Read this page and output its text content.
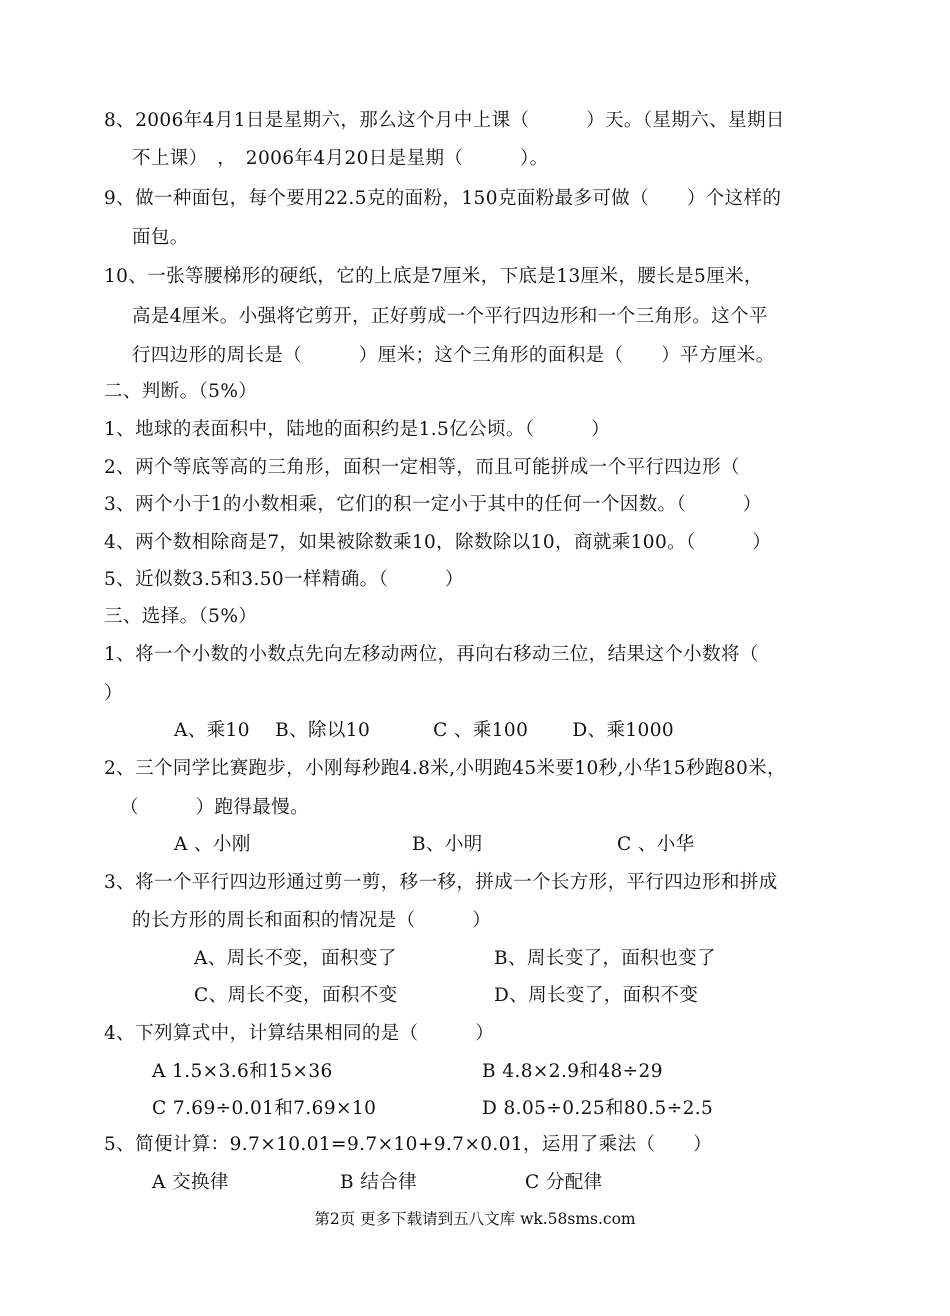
8、2006年4月1日是星期六，那么这个月中上课（　　　）天。（星期六、星期日
不上课）　，　2006年4月20日是星期（　　　）。
9、做一种面包，每个要用22.5克的面粉，150克面粉最多可做（　　）个这样的
面包。
10、一张等腰梯形的硬纸，它的上底是7厘米，下底是13厘米，腰长是5厘米，
高是4厘米。小强将它剪开，正好剪成一个平行四边形和一个三角形。这个平
行四边形的周长是（　　　）厘米；这个三角形的面积是（　　）平方厘米。
二、判断。（5%）
1、地球的表面积中，陆地的面积约是1.5亿公顷。（　　　）
2、两个等底等高的三角形，面积一定相等，而且可能拼成一个平行四边形（
3、两个小于1的小数相乘，它们的积一定小于其中的任何一个因数。（　　　）
4、两个数相除商是7，如果被除数乘10，除数除以10，商就乘100。（　　　）
5、近似数3.5和3.50一样精确。（　　　）
三、选择。（5%）
1、将一个小数的小数点先向左移动两位，再向右移动三位，结果这个小数将（
）
A、乘10　 B、除以10　　　 C 、乘100　　 D、乘1000
2、三个同学比赛跑步，小刚每秒跑4.8米,小明跑45米要10秒,小华15秒跑80米，
（　　　）跑得最慢。
A 、小刚	B、小明	C 、小华
3、将一个平行四边形通过剪一剪，移一移，拼成一个长方形，平行四边形和拼成
的长方形的周长和面积的情况是（　　　）
A、周长不变，面积变了	B、周长变了，面积也变了
C、周长不变，面积不变	D、周长变了，面积不变
4、下列算式中，计算结果相同的是（　　　）
A 1.5×3.6和15×36	B 4.8×2.9和48÷29
C 7.69÷0.01和7.69×10	D 8.05÷0.25和80.5÷2.5
5、简便计算：9.7×10.01=9.7×10+9.7×0.01，运用了乘法（　　）
A 交换律	B 结合律	C 分配律
第2页 更多下载请到五八文库 wk.58sms.com
